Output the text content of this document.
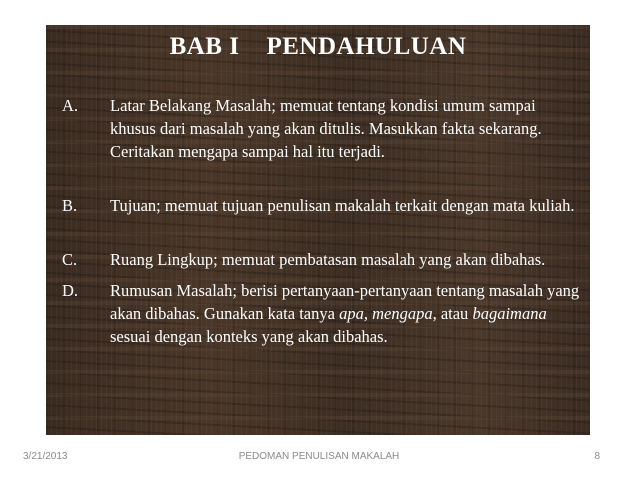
BAB I    PENDAHULUAN
A. Latar Belakang Masalah; memuat tentang kondisi umum sampai khusus dari masalah yang akan ditulis. Masukkan fakta sekarang. Ceritakan mengapa sampai hal itu terjadi.
B. Tujuan; memuat tujuan penulisan makalah terkait dengan mata kuliah.
C. Ruang Lingkup; memuat pembatasan masalah yang akan dibahas.
D. Rumusan Masalah; berisi pertanyaan-pertanyaan tentang masalah yang akan dibahas. Gunakan kata tanya apa, mengapa, atau bagaimana sesuai dengan konteks yang akan dibahas.
3/21/2013	PEDOMAN PENULISAN MAKALAH	8
